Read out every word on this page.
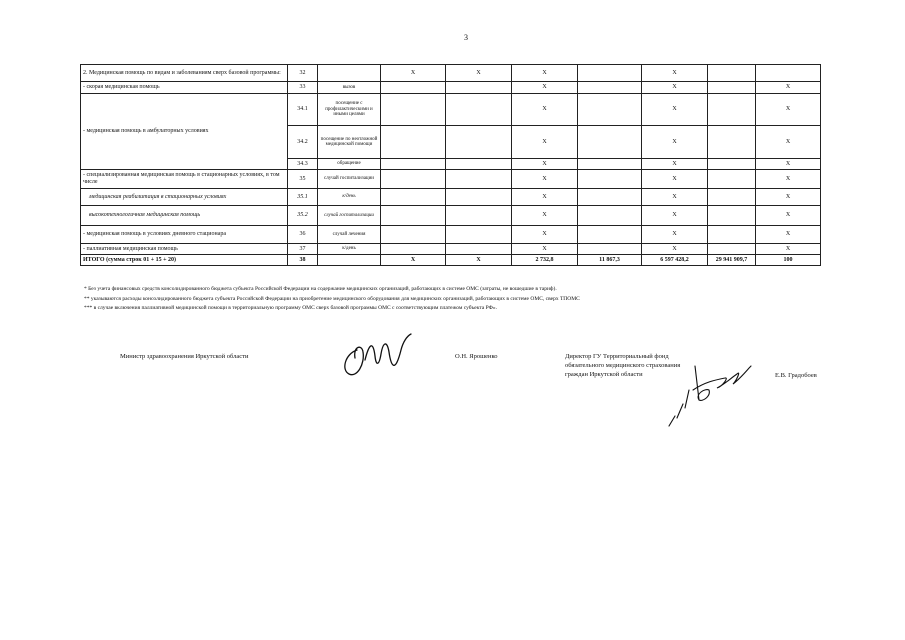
3
2. Медицинская помощь по видам и заболеваниям сверх базовой программы:	32		Х	Х	Х		Х		
- скорая медицинская помощь	33	вызов			Х		Х		Х
- медицинская помощь в амбулаторных условиях	34.1	посещение с профилактическими и иными целями			Х		Х		Х
	34.2	посещение по неотложной медицинской помощи			Х		Х		Х
	34.3	обращение			Х		Х		Х
- специализированная медицинская помощь в стационарных условиях, в том числе	35	случай госпитализации			Х		Х		Х
медицинская реабилитация в стационарных условиях	35.1	к/день			Х		Х		Х
высокотехнологичная медицинская помощь	35.2	случай госпитализации			Х		Х		Х
- медицинская помощь в условиях дневного стационара	36	случай лечения			Х		Х		Х
- паллиативная медицинская помощь	37	к/день			Х		Х		Х
ИТОГО (сумма строк 01 + 15 + 20)	38		Х	Х	2 732,8	11 867,3	6 597 428,2	29 941 909,7	100
* Без учета финансовых средств консолидированного бюджета субъекта Российской Федерации на содержание медицинских организаций, работающих в системе ОМС (затраты, не вошедшие в тариф).
** указываются расходы консолидированного бюджета субъекта Российской Федерации на приобретение медицинского оборудования для медицинских организаций, работающих в системе ОМС, сверх ТПОМС
*** в случае включения паллиативной медицинской помощи в территориальную программу ОМС сверх базовой программы ОМС с соответствующим платежом субъекта РФ».
Министр здравоохранения Иркутской области	О.Н. Ярошенко	Директор ГУ Территориальный фонд
обязательного медицинского страхования
граждан Иркутской области	Е.В. Градобоев
